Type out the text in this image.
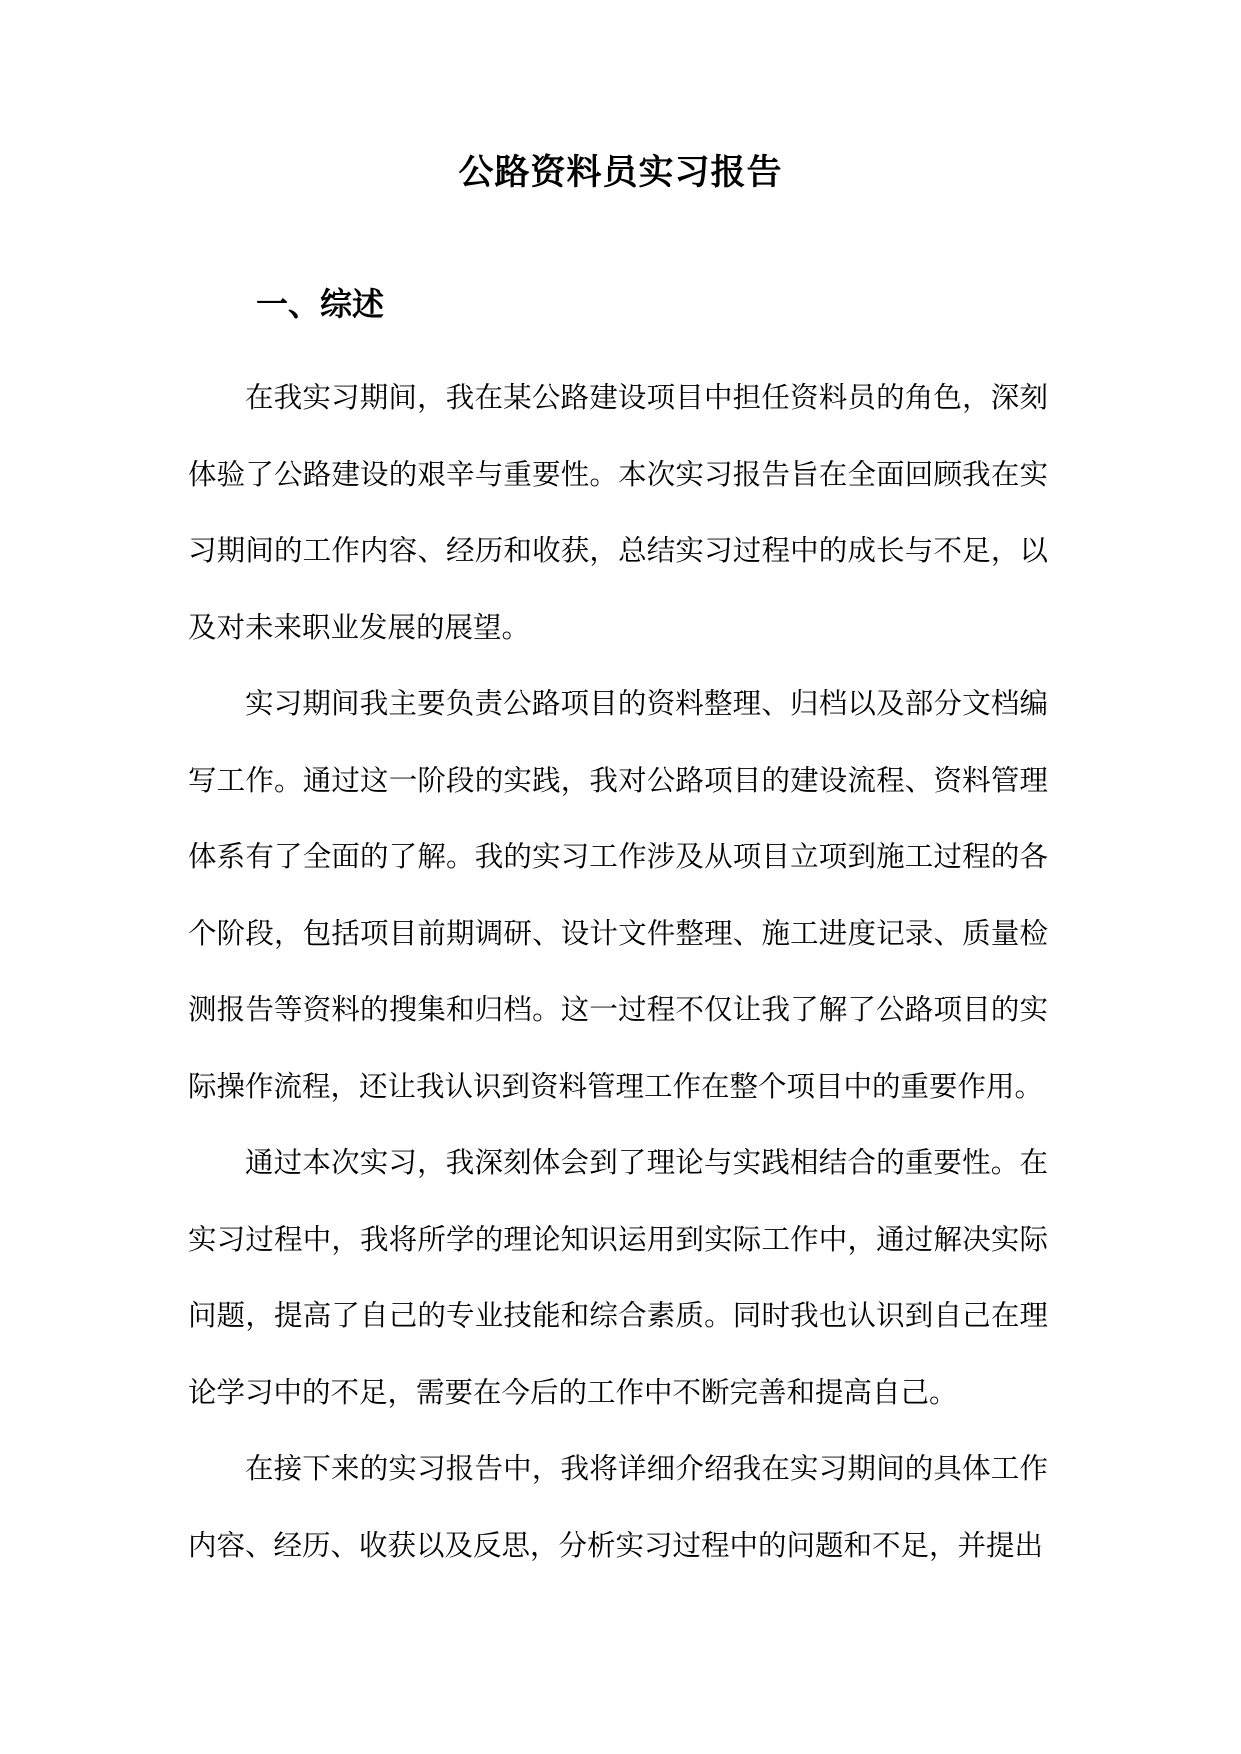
公路资料员实习报告
一、综述

在我实习期间，我在某公路建设项目中担任资料员的角色，深刻体验了公路建设的艰辛与重要性。本次实习报告旨在全面回顾我在实习期间的工作内容、经历和收获，总结实习过程中的成长与不足，以及对未来职业发展的展望。

实习期间我主要负责公路项目的资料整理、归档以及部分文档编写工作。通过这一阶段的实践，我对公路项目的建设流程、资料管理体系有了全面的了解。我的实习工作涉及从项目立项到施工过程的各个阶段，包括项目前期调研、设计文件整理、施工进度记录、质量检测报告等资料的搜集和归档。这一过程不仅让我了解了公路项目的实际操作流程，还让我认识到资料管理工作在整个项目中的重要作用。

通过本次实习，我深刻体会到了理论与实践相结合的重要性。在实习过程中，我将所学的理论知识运用到实际工作中，通过解决实际问题，提高了自己的专业技能和综合素质。同时我也认识到自己在理论学习中的不足，需要在今后的工作中不断完善和提高自己。

在接下来的实习报告中，我将详细介绍我在实习期间的具体工作内容、经历、收获以及反思，分析实习过程中的问题和不足，并提出
